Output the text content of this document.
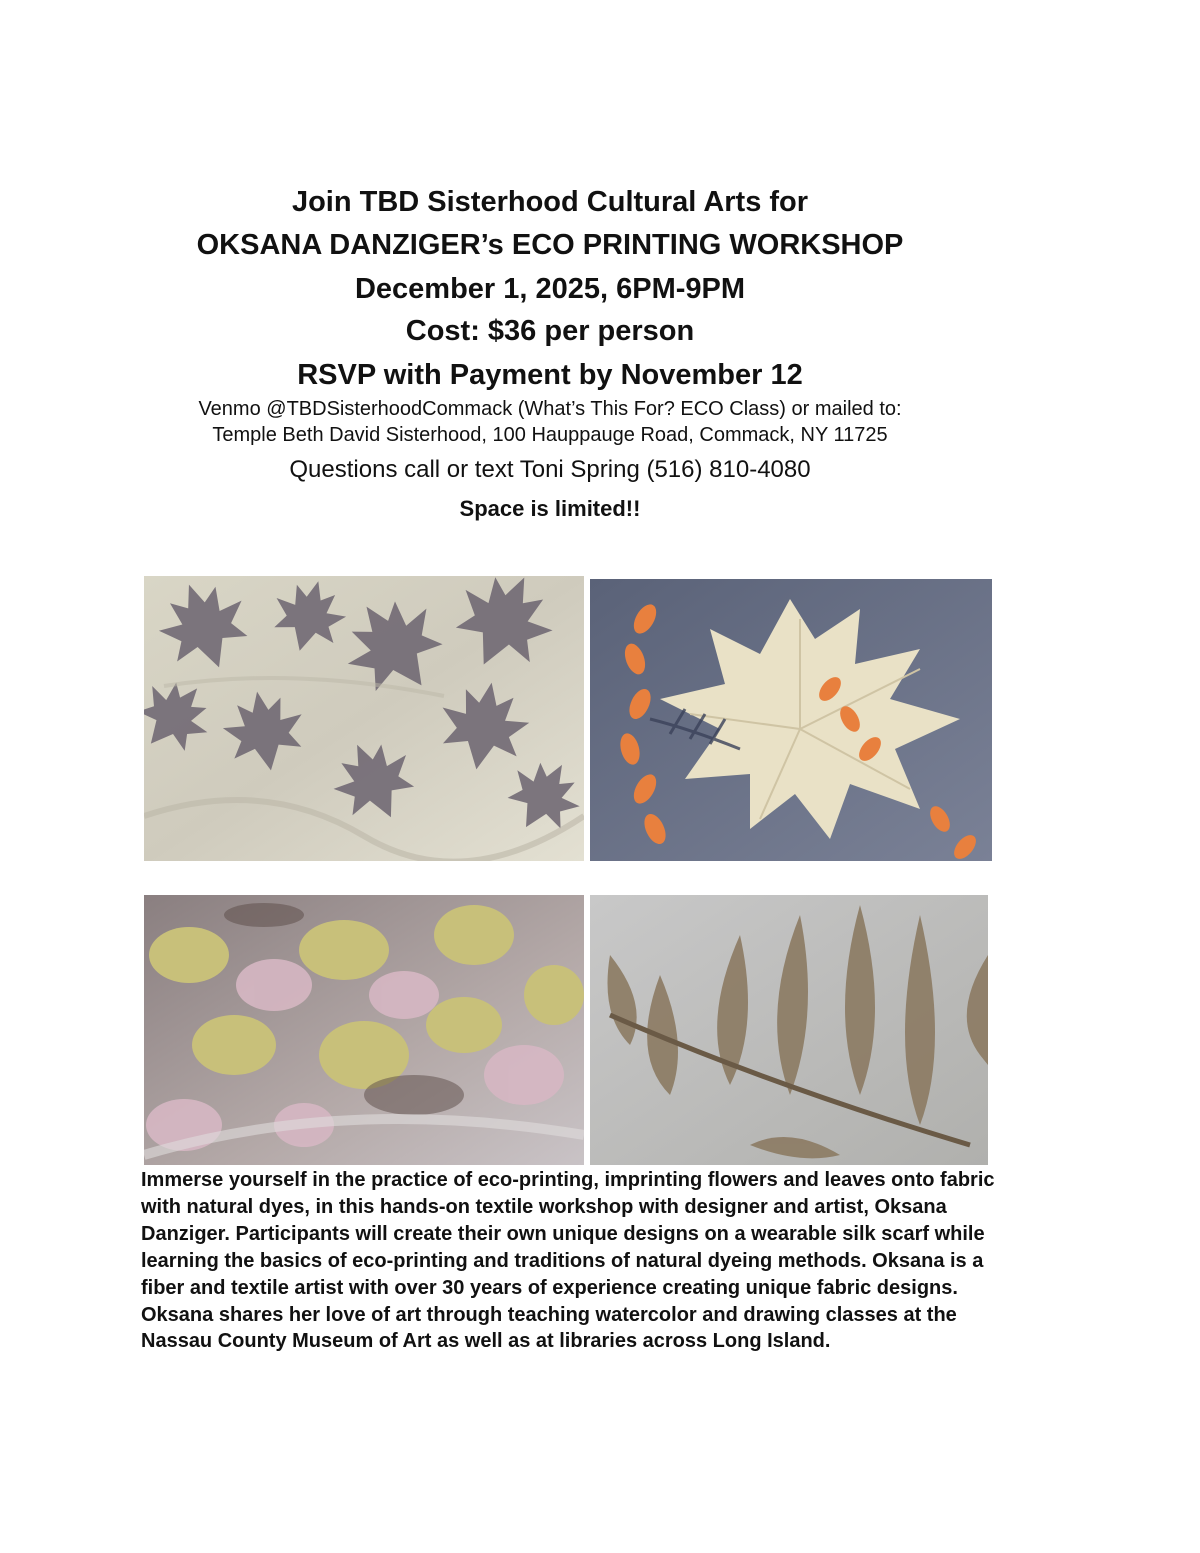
Join TBD Sisterhood Cultural Arts for
OKSANA DANZIGER’s ECO PRINTING WORKSHOP
December 1, 2025, 6PM-9PM
Cost: $36 per person
RSVP with Payment by November 12
Venmo @TBDSisterhoodCommack (What’s This For? ECO Class) or mailed to:
Temple Beth David Sisterhood, 100 Hauppauge Road, Commack, NY 11725
Questions call or text Toni Spring (516) 810-4080
Space is limited!!
Immerse yourself in the practice of eco-printing, imprinting flowers and leaves onto fabric with natural dyes, in this hands-on textile workshop with designer and artist, Oksana Danziger. Participants will create their own unique designs on a wearable silk scarf while learning the basics of eco-printing and traditions of natural dyeing methods. Oksana is a fiber and textile artist with over 30 years of experience creating unique fabric designs. Oksana shares her love of art through teaching watercolor and drawing classes at the Nassau County Museum of Art as well as at libraries across Long Island.
